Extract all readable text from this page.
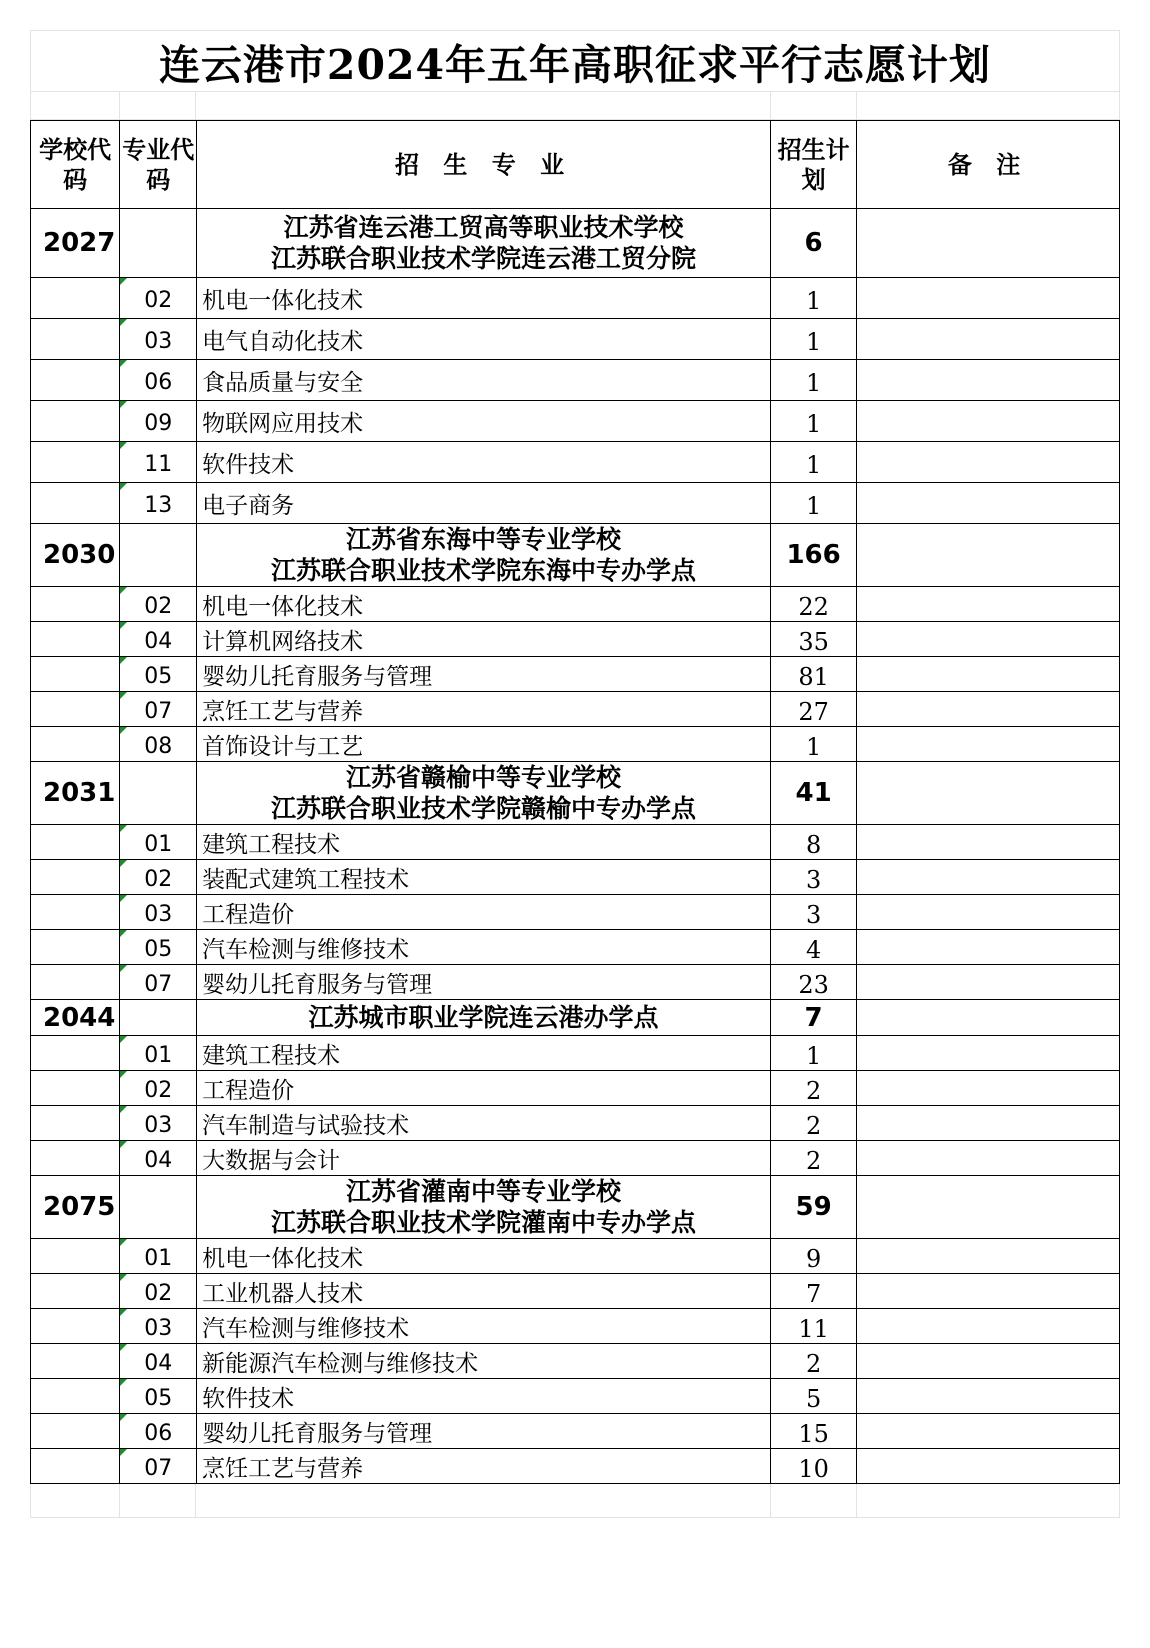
连云港市2024年五年高职征求平行志愿计划
学校代码	专业代码	招 生 专 业	招生计划	备 注
2027		江苏省连云港工贸高等职业技术学校
江苏联合职业技术学院连云港工贸分院	6	
	02	机电一体化技术	1	
	03	电气自动化技术	1	
	06	食品质量与安全	1	
	09	物联网应用技术	1	
	11	软件技术	1	
	13	电子商务	1	
2030		江苏省东海中等专业学校
江苏联合职业技术学院东海中专办学点	166	
	02	机电一体化技术	22	
	04	计算机网络技术	35	
	05	婴幼儿托育服务与管理	81	
	07	烹饪工艺与营养	27	
	08	首饰设计与工艺	1	
2031		江苏省赣榆中等专业学校
江苏联合职业技术学院赣榆中专办学点	41	
	01	建筑工程技术	8	
	02	装配式建筑工程技术	3	
	03	工程造价	3	
	05	汽车检测与维修技术	4	
	07	婴幼儿托育服务与管理	23	
2044		江苏城市职业学院连云港办学点	7	
	01	建筑工程技术	1	
	02	工程造价	2	
	03	汽车制造与试验技术	2	
	04	大数据与会计	2	
2075		江苏省灌南中等专业学校
江苏联合职业技术学院灌南中专办学点	59	
	01	机电一体化技术	9	
	02	工业机器人技术	7	
	03	汽车检测与维修技术	11	
	04	新能源汽车检测与维修技术	2	
	05	软件技术	5	
	06	婴幼儿托育服务与管理	15	
	07	烹饪工艺与营养	10	
